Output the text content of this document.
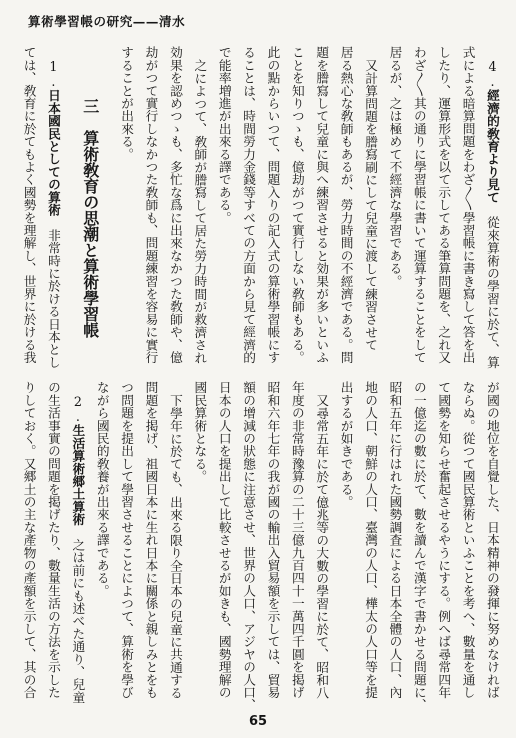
算術學習帳の研究——清水
4.經濟的敎育より見て　從來算術の學習に於て、算
式による暗算問題をわざ〳〵學習帳に書き寫して答を出
したり、運算形式を以て示してある筆算問題を、之れ又
わざ〳〵其の通りに學習帳に書いて運算することをして
居るが、之は極めて不經濟な學習である。
又計算問題を謄寫刷にして兒童に渡して練習させて
居る熱心な敎師もあるが、勞力時間の不經濟である。問
題を謄寫して兒童に與へ練習させると効果が多いといふ
ことを知りつゝも、億劫がつて實行しない敎師もある。
此の點からいつて、問題入りの記入式の算術學習帳にす
ることは、時間勞力金錢等すべての方面から見て經濟的
で能率増進が出來る譯である。
之によつて、敎師が謄寫して居た勞力時間が救濟され
効果を認めつゝも、多忙な爲に出來なかつた敎師や、億
劫がつて實行しなかつた敎師も、問題練習を容易に實行
することが出來る。
三　算術敎育の思潮と算術學習帳
1.日本國民としての算術　非常時に於ける日本とし
ては、敎育に於てもよく國勢を理解し、世界に於ける我
が國の地位を自覺した、日本精神の發揮に努めなければ
ならぬ。從つて國民算術といふことを考へ、數量を通し
て國勢を知らせ奮起させるやうにする。例へば尋常四年
の一億迄の數に於て、數を讀んで漢字で書かせる問題に、
昭和五年に行はれた國勢調査による日本全體の人口、內
地の人口、朝鮮の人口、臺灣の人口、樺太の人口等を提
出するが如きである。
又尋常五年に於て億兆等の大數の學習に於て、昭和八
年度の非常時豫算の二十三億九百四十一萬四千圓を掲げ
昭和六年七年の我が國の輸出入貿易額を示しては、貿易
額の增減の狀態に注意させ、世界の人口、アジヤの人口、
日本の人口を提出して比較させるが如きも、國勢理解の
國民算術となる。
下學年に於ても、出來る限り全日本の兒童に共通する
問題を掲げ、祖國日本に生れ日本に關係と親しみとをも
つ問題を提出して學習させることによつて、算術を學び
ながら國民的敎養が出來る譯である。
2.生活算術郷土算術　之は前にも述べた通り、兒童
の生活事實の問題を掲げたり、數量生活の方法を示した
りしておく。又郷土の主な產物の產額を示して、其の合
65
